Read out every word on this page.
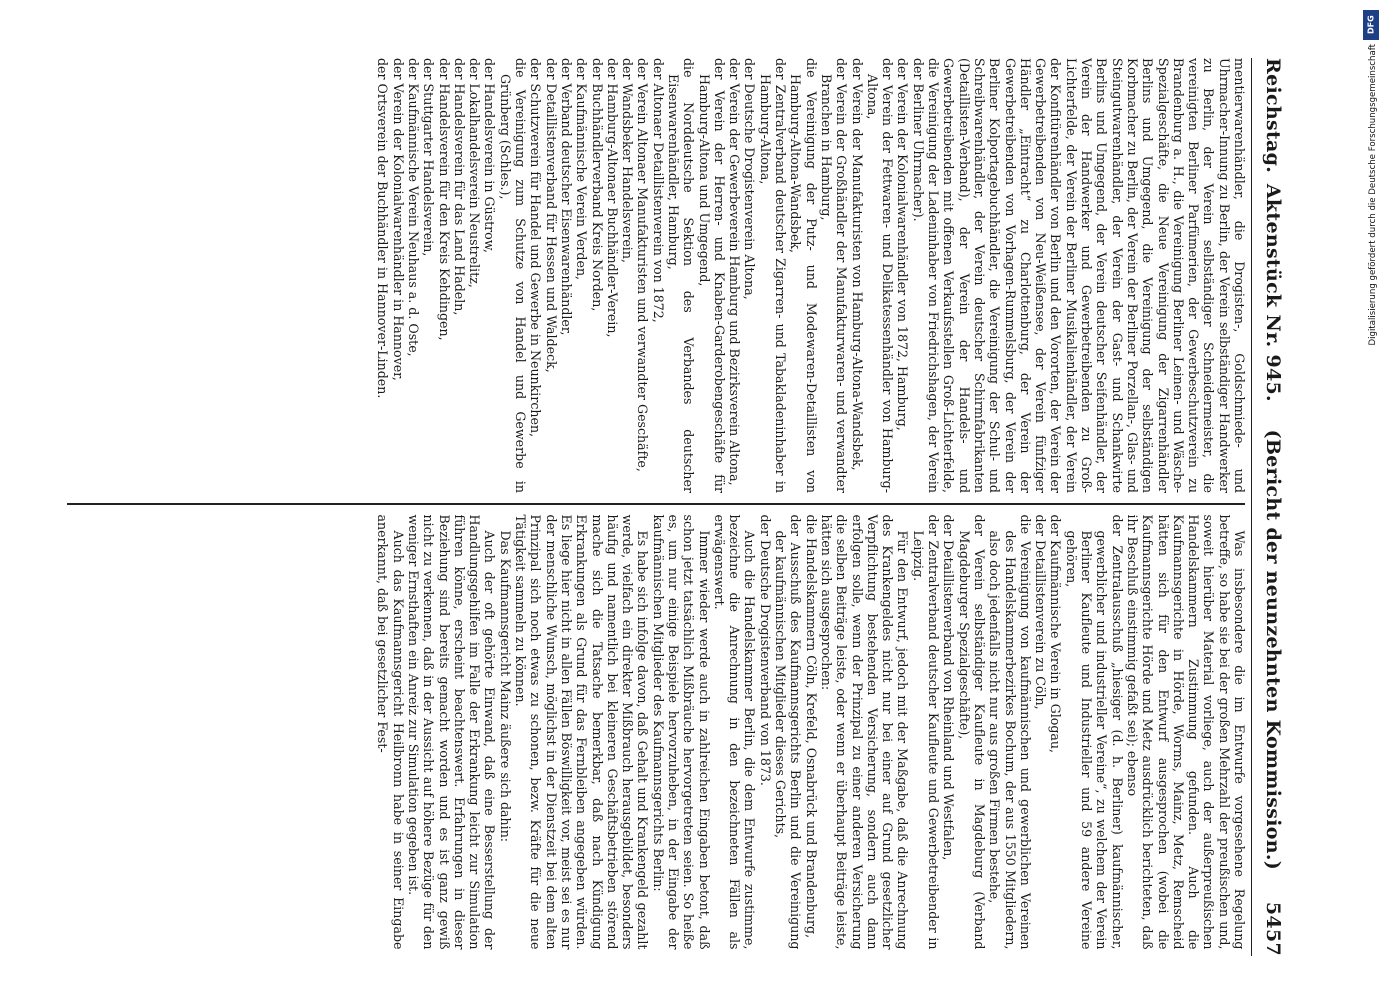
Reichstag.
Aktenstück Nr. 945.    (Bericht der neunzehnten Kommission.)
5457

mentierwarenhändler, die Drogisten-, Goldschmiede- und Uhrmacher-Innung zu Berlin, der Verein selbständiger Handwerker zu Berlin, der Verein selbständiger Schneidermeister, die vereinigten Berliner Parfümerien, der Gewerbeschutzverein zu Brandenburg a. H., die Vereinigung Berliner Leinen- und Wäsche-Spezialgeschäfte, die Neue Vereinigung der Zigarrenhändler Berlins und Umgegend, die Vereinigung der selbständigen Korbmacher zu Berlin, der Verein der Berliner Porzellan-, Glas- und Steingutwarenhändler, der Verein der Gast- und Schankwirte Berlins und Umgegend, der Verein deutscher Seifenhändler, der Verein der Handwerker und Gewerbetreibenden zu Groß-Lichterfelde, der Verein der Berliner Musikalienhändler, der Verein der Konfitürenhändler von Berlin und den Vororten, der Verein der Gewerbetreibenden von Neu-Weißensee, der Verein fünfziger Händler „Eintracht“ zu Charlottenburg, der Verein der Gewerbetreibenden von Vorhagen-Rummelsburg, der Verein der Berliner Kolportagebuchhändler, die Vereinigung der Schul- und Schreibwarenhändler, der Verein deutscher Schirmfabrikanten (Detaillisten-Verband), der Verein der Handels- und Gewerbetreibenden mit offenen Verkaufsstellen Groß-Lichterfelde, die Vereinigung der Ladeninhaber von Friedrichshagen, der Verein der Berliner Uhrmacher).

der Verein der Kolonialwarenhändler von 1872, Hamburg,
der Verein der Fettwaren- und Delikatessenhändler von Hamburg-Altona,
der Verein der Manufakturisten von Hamburg-Altona-Wandsbek,
der Verein der Großhändler der Manufakturwaren- und verwandter Branchen in Hamburg,
die Vereinigung der Putz- und Modewaren-Detaillisten von Hamburg-Altona-Wandsbek,
der Zentralverband deutscher Zigarren- und Tabakladeninhaber in Hamburg-Altona,
der Deutsche Drogistenverein Altona,
der Verein der Gewerbeverein Hamburg und Bezirksverein Altona,
der Verein der Herren- und Knaben-Garderobengeschäfte für Hamburg-Altona und Umgegend,
die Norddeutsche Sektion des Verbandes deutscher Eisenwarenhändler, Hamburg,
der Altonaer Detaillistenverein von 1872,
der Verein Altonaer Manufakturisten und verwandter Geschäfte,
der Wandsbeker Handelsverein,
der Hamburg-Altonaer Buchhändler-Verein,
der Buchhändlerverband Kreis Norden,
der Kaufmännische Verein Verden,
der Verband deutscher Eisenwarenhändler,
der Detaillistenverband für Hessen und Waldeck,
der Schutzverein für Handel und Gewerbe in Neunkirchen,
die Vereinigung zum Schutze von Handel und Gewerbe in Grünberg (Schles.),
der Handelsverein in Güstrow,
der Lokalhandelsverein Neustrelitz,
der Handelsverein für das Land Hadeln,
der Handelsverein für den Kreis Kehdingen,
der Stuttgarter Handelsverein,
der Kaufmännische Verein Neuhaus a. d. Oste,
der Verein der Kolonialwarenhändler in Hannover,
der Ortsverein der Buchhändler in Hannover-Linden.

Was insbesondere die im Entwurfe vorgesehene Regelung betreffe, so habe sie bei der großen Mehrzahl der preußischen und, soweit hierüber Material vorliege, auch der außerpreußischen Handelskammern Zustimmung gefunden. Auch die Kaufmannsgerichte in Hörde, Worms, Mainz, Metz, Remscheid hätten sich für den Entwurf ausgesprochen (wobei die Kaufmannsgerichte Hörde und Metz ausdrücklich berichteten, daß ihr Beschluß einstimmig gefaßt sei); ebenso

der Zentralausschuß „hiesiger (d. h. Berliner) kaufmännischer, gewerblicher und industrieller Vereine“, zu welchem der Verein Berliner Kaufleute und Industrieller und 59 andere Vereine gehören,
der Kaufmännische Verein in Glogau,
der Detaillistenverein zu Cöln,
die Vereinigung von kaufmännischen und gewerblichen Vereinen des Handelskammerbezirkes Bochum, der aus 1550 Mitgliedern, also doch jedenfalls nicht nur aus großen Firmen bestehe,
der Verein selbständiger Kaufleute in Magdeburg (Verband Magdeburger Spezialgeschäfte),
der Detaillistenverband von Rheinland und Westfalen,
der Zentralverband deutscher Kaufleute und Gewerbetreibender in Leipzig.

Für den Entwurf, jedoch mit der Maßgabe, daß die Anrechnung des Krankengeldes nicht nur bei einer auf Grund gesetzlicher Verpflichtung bestehenden Versicherung, sondern auch dann erfolgen solle, wenn der Prinzipal zu einer anderen Versicherung die selben Beiträge leiste, oder wenn er überhaupt Beiträge leiste, hätten sich ausgesprochen:

die Handelskammern Cöln, Krefeld, Osnabrück und Brandenburg,
der Ausschuß des Kaufmannsgerichts Berlin und die Vereinigung der kaufmännischen Mitglieder dieses Gerichts,
der Deutsche Drogistenverband von 1873.

Auch die Handelskammer Berlin, die dem Entwurfe zustimme, bezeichne die Anrechnung in den bezeichneten Fällen als erwägenswert.

Immer wieder werde auch in zahlreichen Eingaben betont, daß schon jetzt tatsächlich Mißbräuche hervorgetreten seien. So heiße es, um nur einige Beispiele hervorzuheben, in der Eingabe der kaufmännischen Mitglieder des Kaufmannsgerichts Berlin:

Es habe sich infolge davon, daß Gehalt und Krankengeld gezahlt werde, vielfach ein direkter Mißbrauch herausgebildet, besonders häufig und namentlich bei kleineren Geschäftsbetrieben störend mache sich die Tatsache bemerkbar, daß nach Kündigung Erkrankungen als Grund für das Fernbleiben angegeben würden. Es liege hier nicht in allen Fällen Böswilligkeit vor, meist sei es nur der menschliche Wunsch, möglichst in der Dienstzeit bei dem alten Prinzipal sich noch etwas zu schonen, bezw. Kräfte für die neue Tätigkeit sammeln zu können.

Das Kaufmannsgericht Mainz äußere sich dahin:

Auch der oft gehörte Einwand, daß eine Besserstellung der Handlungsgehilfen im Falle der Erkrankung leicht zur Simulation führen könne, erscheint beachtenswert. Erfahrungen in dieser Beziehung sind bereits gemacht worden und es ist ganz gewiß nicht zu verkennen, daß in der Aussicht auf höhere Bezüge für den weniger Ernsthaften ein Anreiz zur Simulation gegeben ist.

Auch das Kaufmannsgericht Heilbronn habe in seiner Eingabe anerkannt, daß bei gesetzlicher Fest-

DFG
Digitalisierung gefördert durch die Deutsche Forschungsgemeinschaft
